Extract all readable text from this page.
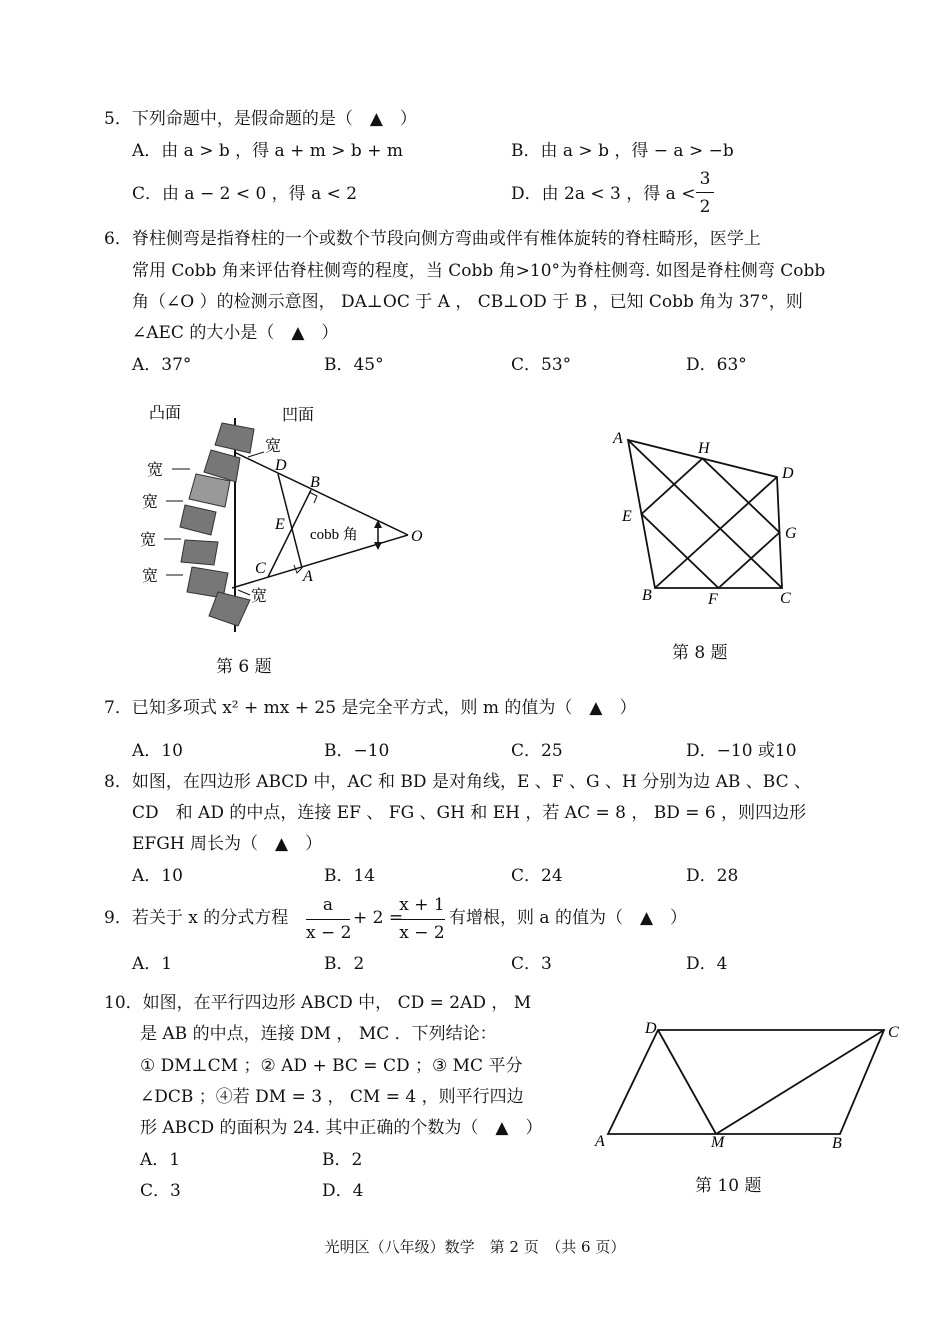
5．下列命题中，是假命题的是（　▲　）
A．由 a > b ，得 a + m > b + m	B．由 a > b ，得 − a > −b
C．由 a − 2 < 0 ，得 a < 2	D．由 2a < 3 ，得 a <
3
2
6．脊柱侧弯是指脊柱的一个或数个节段向侧方弯曲或伴有椎体旋转的脊柱畸形，医学上
常用 Cobb 角来评估脊柱侧弯的程度，当 Cobb 角>10°为脊柱侧弯. 如图是脊柱侧弯 Cobb
角（∠O ）的检测示意图， DA⊥OC 于 A ， CB⊥OD 于 B ，已知 Cobb 角为 37°，则
∠AEC 的大小是（　▲　）
A．37°	B．45°	C．53°	D．63°
凸面	凹面
cobb 角	O
D
B
E
C A
宽
宽
宽
宽
宽
宽
第 6 题
A
H
D
E
G
B	F	C
第 8 题
7．已知多项式 x² + mx + 25 是完全平方式，则 m 的值为（　▲　）
A．10	B．−10	C．25	D．−10 或10
8．如图，在四边形 ABCD 中，AC 和 BD 是对角线，E 、F 、G 、H 分别为边 AB 、BC 、
CD　和 AD 的中点，连接 EF 、 FG 、GH 和 EH ，若 AC = 8 ， BD = 6 ，则四边形
EFGH 周长为（　▲　）
A．10	B．14	C．24	D．28
9．若关于 x 的分式方程
a
x − 2
+ 2 =
x + 1
x − 2
有增根，则 a 的值为（　▲　）
A．1	B．2	C．3	D．4
10．如图，在平行四边形 ABCD 中， CD = 2AD ， M
是 AB 的中点，连接 DM ， MC ．下列结论：
① DM⊥CM ；② AD + BC = CD ；③ MC 平分
∠DCB ；④若 DM = 3 ， CM = 4 ，则平行四边
形 ABCD 的面积为 24. 其中正确的个数为（　▲　）
A．1	B．2
C．3	D．4
D	C
A	M	B
第 10 题
光明区（八年级）数学　第 2 页　（共 6 页）
